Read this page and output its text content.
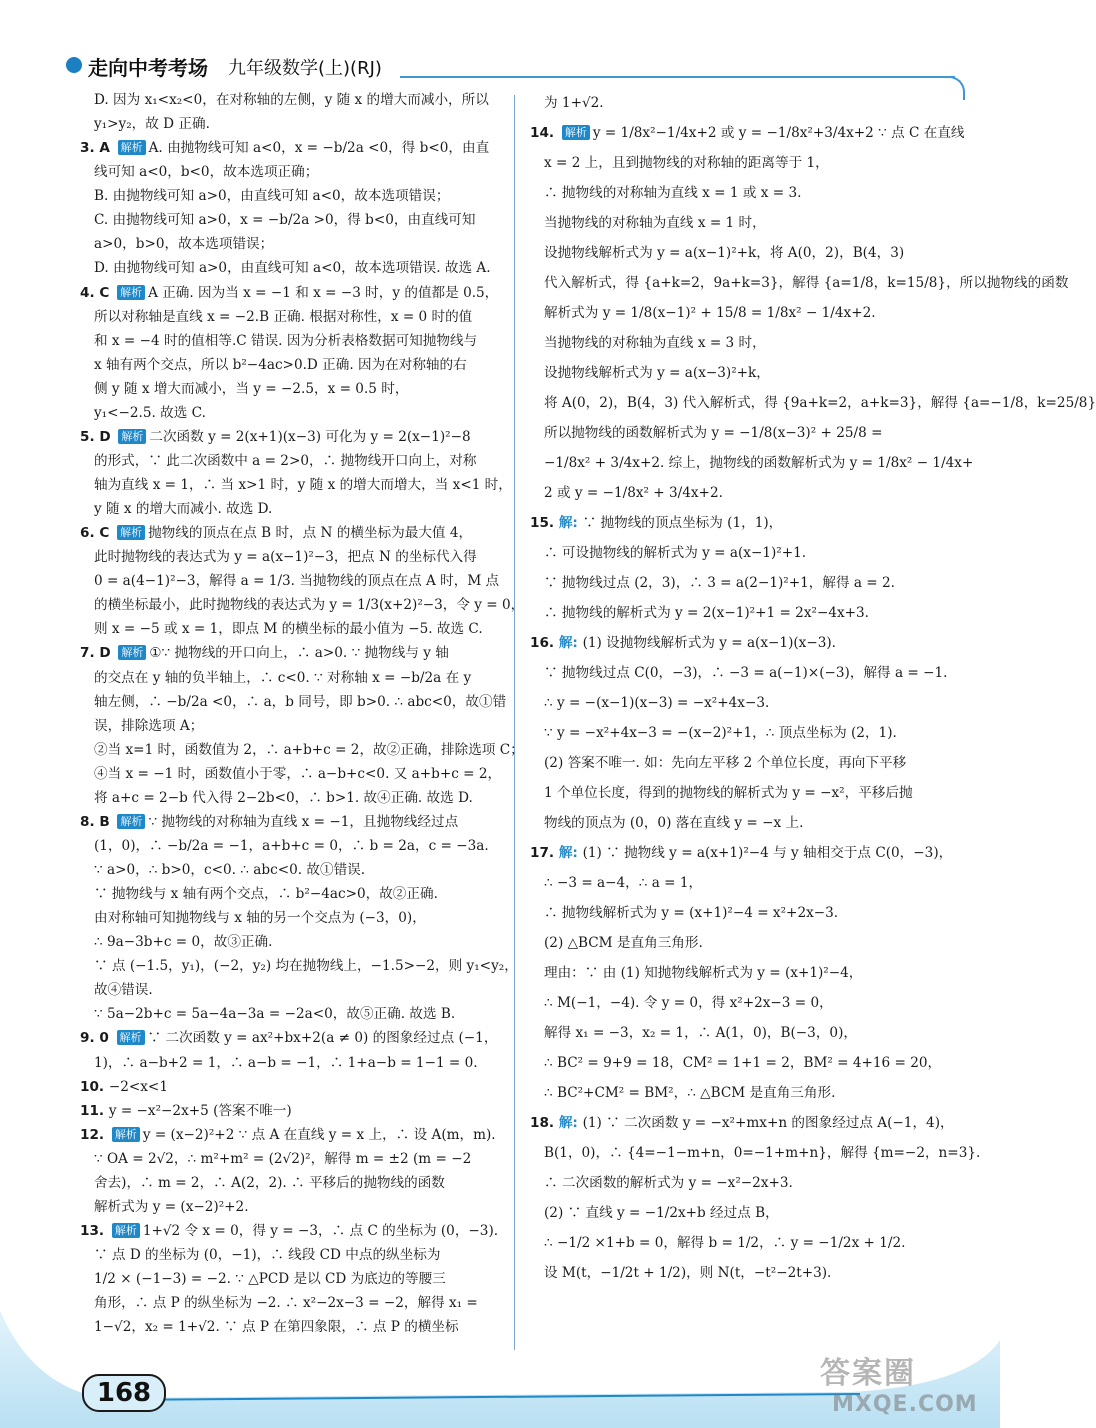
走向中考考场 九年级数学(上)(RJ)
D. 因为 x₁<x₂<0，在对称轴的左侧，y 随 x 的增大而减小，所以
y₁>y₂，故 D 正确.
3. A 解析 A. 由抛物线可知 a<0，x = −b/2a <0，得 b<0，由直
线可知 a<0，b<0，故本选项正确；
B. 由抛物线可知 a>0，由直线可知 a<0，故本选项错误；
C. 由抛物线可知 a>0，x = −b/2a >0，得 b<0，由直线可知
a>0，b>0，故本选项错误；
D. 由抛物线可知 a>0，由直线可知 a<0，故本选项错误. 故选 A.
4. C 解析 A 正确. 因为当 x = −1 和 x = −3 时，y 的值都是 0.5，
所以对称轴是直线 x = −2.B 正确. 根据对称性，x = 0 时的值
和 x = −4 时的值相等.C 错误. 因为分析表格数据可知抛物线与
x 轴有两个交点，所以 b²−4ac>0.D 正确. 因为在对称轴的右
侧 y 随 x 增大而减小，当 y = −2.5，x = 0.5 时，
y₁<−2.5. 故选 C.
5. D 解析 二次函数 y = 2(x+1)(x−3) 可化为 y = 2(x−1)²−8
的形式，∵ 此二次函数中 a = 2>0，∴ 抛物线开口向上，对称
轴为直线 x = 1，∴ 当 x>1 时，y 随 x 的增大而增大，当 x<1 时，
y 随 x 的增大而减小. 故选 D.
6. C 解析 抛物线的顶点在点 B 时，点 N 的横坐标为最大值 4，
此时抛物线的表达式为 y = a(x−1)²−3，把点 N 的坐标代入得
0 = a(4−1)²−3，解得 a = 1/3. 当抛物线的顶点在点 A 时，M 点
的横坐标最小，此时抛物线的表达式为 y = 1/3(x+2)²−3，令 y = 0，
则 x = −5 或 x = 1，即点 M 的横坐标的最小值为 −5. 故选 C.
7. D 解析 ①∵ 抛物线的开口向上，∴ a>0. ∵ 抛物线与 y 轴
的交点在 y 轴的负半轴上，∴ c<0. ∵ 对称轴 x = −b/2a 在 y
轴左侧，∴ −b/2a <0，∴ a，b 同号，即 b>0. ∴ abc<0，故①错
误，排除选项 A；
②当 x=1 时，函数值为 2，∴ a+b+c = 2，故②正确，排除选项 C；
④当 x = −1 时，函数值小于零，∴ a−b+c<0. 又 a+b+c = 2，
将 a+c = 2−b 代入得 2−2b<0，∴ b>1. 故④正确. 故选 D.
8. B 解析 ∵ 抛物线的对称轴为直线 x = −1，且抛物线经过点
(1，0)，∴ −b/2a = −1，a+b+c = 0，∴ b = 2a，c = −3a.
∵ a>0，∴ b>0，c<0. ∴ abc<0. 故①错误.
∵ 抛物线与 x 轴有两个交点，∴ b²−4ac>0，故②正确.
由对称轴可知抛物线与 x 轴的另一个交点为 (−3，0)，
∴ 9a−3b+c = 0，故③正确.
∵ 点 (−1.5，y₁)，(−2，y₂) 均在抛物线上，−1.5>−2，则 y₁<y₂，
故④错误.
∵ 5a−2b+c = 5a−4a−3a = −2a<0，故⑤正确. 故选 B.
9. 0 解析 ∵ 二次函数 y = ax²+bx+2(a ≠ 0) 的图象经过点 (−1，
1)，∴ a−b+2 = 1，∴ a−b = −1，∴ 1+a−b = 1−1 = 0.
10. −2<x<1
11. y = −x²−2x+5 (答案不唯一)
12. 解析 y = (x−2)²+2 ∵ 点 A 在直线 y = x 上，∴ 设 A(m，m).
∵ OA = 2√2，∴ m²+m² = (2√2)²，解得 m = ±2 (m = −2
舍去)，∴ m = 2，∴ A(2，2). ∴ 平移后的抛物线的函数
解析式为 y = (x−2)²+2.
13. 解析 1+√2 令 x = 0，得 y = −3，∴ 点 C 的坐标为 (0，−3).
∵ 点 D 的坐标为 (0，−1)，∴ 线段 CD 中点的纵坐标为
1/2 × (−1−3) = −2. ∵ △PCD 是以 CD 为底边的等腰三
角形，∴ 点 P 的纵坐标为 −2. ∴ x²−2x−3 = −2，解得 x₁ =
1−√2，x₂ = 1+√2. ∵ 点 P 在第四象限，∴ 点 P 的横坐标
为 1+√2.
14. 解析 y = 1/8x²−1/4x+2 或 y = −1/8x²+3/4x+2 ∵ 点 C 在直线
x = 2 上，且到抛物线的对称轴的距离等于 1，
∴ 抛物线的对称轴为直线 x = 1 或 x = 3.
当抛物线的对称轴为直线 x = 1 时，
设抛物线解析式为 y = a(x−1)²+k，将 A(0，2)，B(4，3)
代入解析式，得 {a+k=2，9a+k=3}，解得 {a=1/8，k=15/8}，所以抛物线的函数
解析式为 y = 1/8(x−1)² + 15/8 = 1/8x² − 1/4x+2.
当抛物线的对称轴为直线 x = 3 时，
设抛物线解析式为 y = a(x−3)²+k，
将 A(0，2)，B(4，3) 代入解析式，得 {9a+k=2，a+k=3}，解得 {a=−1/8，k=25/8}
所以抛物线的函数解析式为 y = −1/8(x−3)² + 25/8 =
−1/8x² + 3/4x+2. 综上，抛物线的函数解析式为 y = 1/8x² − 1/4x+
2 或 y = −1/8x² + 3/4x+2.
15. 解: ∵ 抛物线的顶点坐标为 (1，1)，
∴ 可设抛物线的解析式为 y = a(x−1)²+1.
∵ 抛物线过点 (2，3)，∴ 3 = a(2−1)²+1，解得 a = 2.
∴ 抛物线的解析式为 y = 2(x−1)²+1 = 2x²−4x+3.
16. 解: (1) 设抛物线解析式为 y = a(x−1)(x−3).
∵ 抛物线过点 C(0，−3)，∴ −3 = a(−1)×(−3)，解得 a = −1.
∴ y = −(x−1)(x−3) = −x²+4x−3.
∵ y = −x²+4x−3 = −(x−2)²+1，∴ 顶点坐标为 (2，1).
(2) 答案不唯一. 如：先向左平移 2 个单位长度，再向下平移
1 个单位长度，得到的抛物线的解析式为 y = −x²，平移后抛
物线的顶点为 (0，0) 落在直线 y = −x 上.
17. 解: (1) ∵ 抛物线 y = a(x+1)²−4 与 y 轴相交于点 C(0，−3)，
∴ −3 = a−4，∴ a = 1，
∴ 抛物线解析式为 y = (x+1)²−4 = x²+2x−3.
(2) △BCM 是直角三角形.
理由：∵ 由 (1) 知抛物线解析式为 y = (x+1)²−4，
∴ M(−1，−4). 令 y = 0，得 x²+2x−3 = 0，
解得 x₁ = −3，x₂ = 1，∴ A(1，0)，B(−3，0)，
∴ BC² = 9+9 = 18，CM² = 1+1 = 2，BM² = 4+16 = 20，
∴ BC²+CM² = BM²，∴ △BCM 是直角三角形.
18. 解: (1) ∵ 二次函数 y = −x²+mx+n 的图象经过点 A(−1，4)，
B(1，0)，∴ {4=−1−m+n，0=−1+m+n}，解得 {m=−2，n=3}.
∴ 二次函数的解析式为 y = −x²−2x+3.
(2) ∵ 直线 y = −1/2x+b 经过点 B，
∴ −1/2 ×1+b = 0，解得 b = 1/2，∴ y = −1/2x + 1/2.
设 M(t，−1/2t + 1/2)，则 N(t，−t²−2t+3).
168
答案圈
MXQE.COM
